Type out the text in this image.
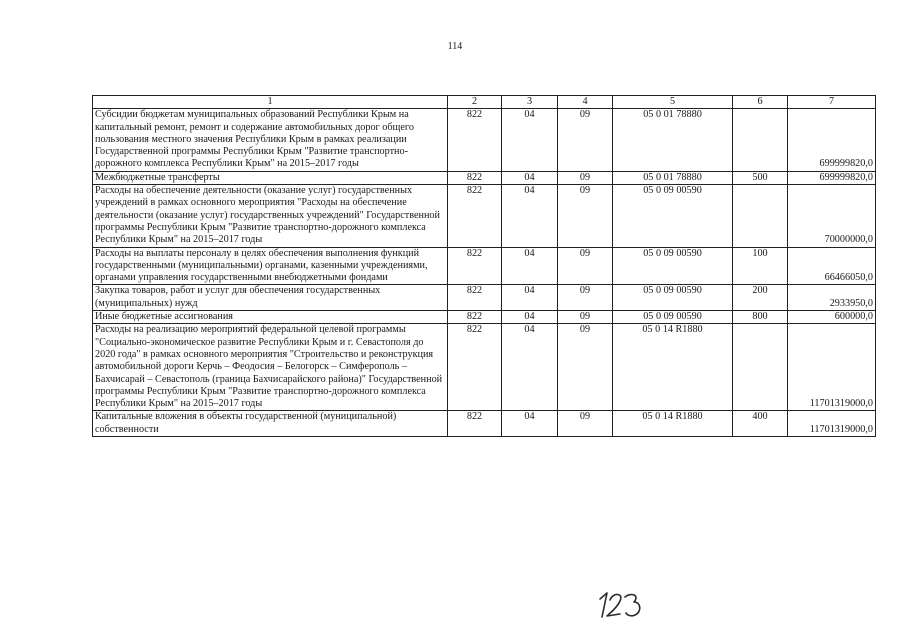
114
1	2	3	4	5	6	7
Субсидии бюджетам муниципальных образований Республики Крым на капитальный ремонт, ремонт и содержание автомобильных дорог общего пользования местного значения Республики Крым в рамках реализации Государственной программы Республики Крым "Развитие транспортно-дорожного комплекса Республики Крым" на 2015–2017 годы	822	04	09	05 0 01 78880		699999820,0
Межбюджетные трансферты	822	04	09	05 0 01 78880	500	699999820,0
Расходы на обеспечение деятельности (оказание услуг) государственных учреждений в рамках основного мероприятия "Расходы на обеспечение деятельности (оказание услуг) государственных учреждений" Государственной программы Республики Крым "Развитие транспортно-дорожного комплекса Республики Крым" на 2015–2017 годы	822	04	09	05 0 09 00590		70000000,0
Расходы на выплаты персоналу в целях обеспечения выполнения функций государственными (муниципальными) органами, казенными учреждениями, органами управления государственными внебюджетными фондами	822	04	09	05 0 09 00590	100	66466050,0
Закупка товаров, работ и услуг для обеспечения государственных (муниципальных) нужд	822	04	09	05 0 09 00590	200	2933950,0
Иные бюджетные ассигнования	822	04	09	05 0 09 00590	800	600000,0
Расходы на реализацию мероприятий федеральной целевой программы "Социально-экономическое развитие Республики Крым и г. Севастополя до 2020 года" в рамках основного мероприятия "Строительство и реконструкция автомобильной дороги Керчь – Феодосия – Белогорск – Симферополь – Бахчисарай – Севастополь (граница Бахчисарайского района)" Государственной программы Республики Крым "Развитие транспортно-дорожного комплекса Республики Крым" на 2015–2017 годы	822	04	09	05 0 14 R1880		11701319000,0
Капитальные вложения в объекты государственной (муниципальной) собственности	822	04	09	05 0 14 R1880	400	11701319000,0
